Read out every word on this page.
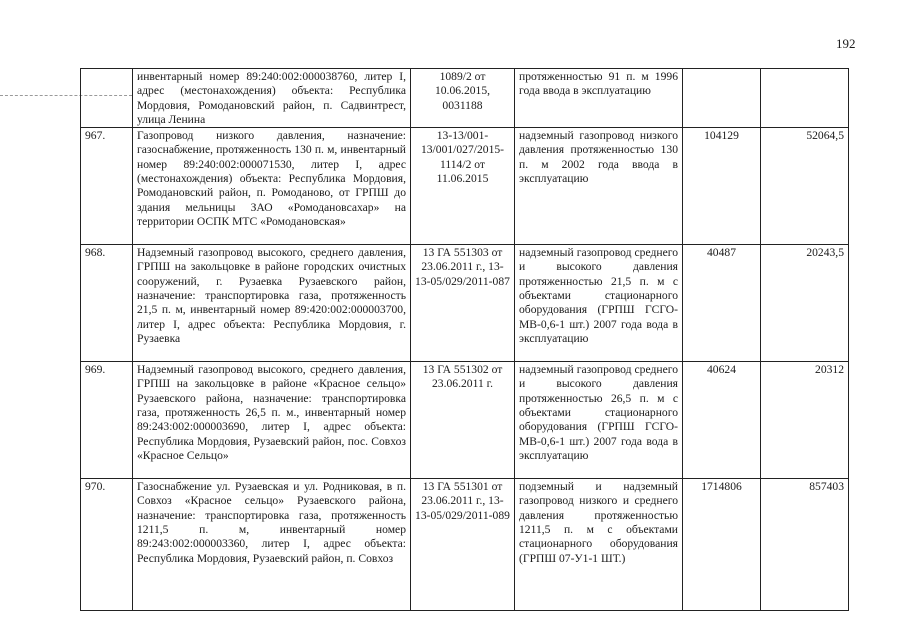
192

	инвентарный номер 89:240:002:000038760, литер I, адрес (местонахождения) объекта: Республика Мордовия, Ромодановский район, п. Садвинтрест, улица Ленина	1089/2 от 10.06.2015, 0031188	протяженностью 91 п. м 1996 года ввода в эксплуатацию		

967.	Газопровод низкого давления, назначение: газоснабжение, протяженность 130 п. м, инвентарный номер 89:240:002:000071530, литер I, адрес (местонахождения) объекта: Республика Мордовия, Ромодановский район, п. Ромоданово, от ГРПШ до здания мельницы ЗАО «Ромодановсахар» на территории ОСПК МТС «Ромодановская»	13-13/001-13/001/027/2015-1114/2 от 11.06.2015	надземный газопровод низкого давления протяженностью 130 п. м 2002 года ввода в эксплуатацию	104129	52064,5
968.	Надземный газопровод высокого, среднего давления, ГРПШ на закольцовке в районе городских очистных сооружений, г. Рузаевка Рузаевского район, назначение: транспортировка газа, протяженность 21,5 п. м, инвентарный номер 89:420:002:000003700, литер I, адрес объекта: Республика Мордовия, г. Рузаевка	13 ГА 551303 от 23.06.2011 г., 13-13-05/029/2011-087	надземный газопровод среднего и высокого давления протяженностью 21,5 п. м с объектами стационарного оборудования (ГРПШ ГСГО-МВ-0,6-1 шт.) 2007 года вода в эксплуатацию	40487	20243,5
969.	Надземный газопровод высокого, среднего давления, ГРПШ на закольцовке в районе «Красное сельцо» Рузаевского района, назначение: транспортировка газа, протяженность 26,5 п. м., инвентарный номер 89:243:002:000003690, литер I, адрес объекта: Республика Мордовия, Рузаевский район, пос. Совхоз «Красное Сельцо»	13 ГА 551302 от 23.06.2011 г.	надземный газопровод среднего и высокого давления протяженностью 26,5 п. м с объектами стационарного оборудования (ГРПШ ГСГО-МВ-0,6-1 шт.) 2007 года вода в эксплуатацию	40624	20312
970.	Газоснабжение ул. Рузаевская и ул. Родниковая, в п. Совхоз «Красное сельцо» Рузаевского района, назначение: транспортировка газа, протяженность 1211,5 п. м, инвентарный номер 89:243:002:000003360, литер I, адрес объекта: Республика Мордовия, Рузаевский район, п. Совхоз	13 ГА 551301 от 23.06.2011 г., 13-13-05/029/2011-089	подземный и надземный газопровод низкого и среднего давления протяженностью 1211,5 п. м с объектами стационарного оборудования (ГРПШ 07-У1-1 ШТ.)	1714806	857403
